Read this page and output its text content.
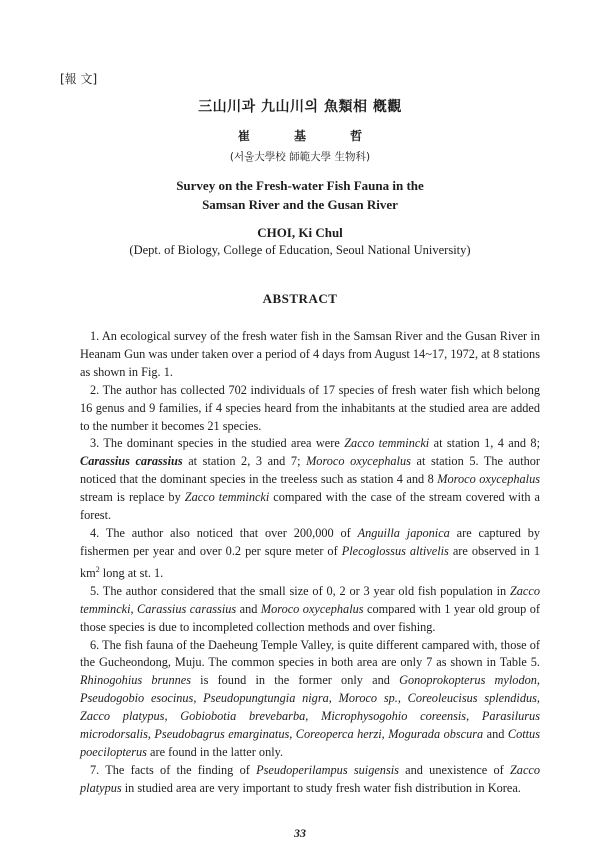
[報 文]
三山川과 九山川의 魚類相 槪觀
崔 基 哲
(서울大學校 師範大學 生物科)
Survey on the Fresh-water Fish Fauna in the
Samsan River and the Gusan River
CHOI, Ki Chul
(Dept. of Biology, College of Education, Seoul National University)
ABSTRACT

1. An ecological survey of the fresh water fish in the Samsan River and the Gusan River in Heanam Gun was under taken over a period of 4 days from August 14~17, 1972, at 8 stations as shown in Fig. 1.

2. The author has collected 702 individuals of 17 species of fresh water fish which belong 16 genus and 9 families, if 4 species heard from the inhabitants at the studied area are added to the number it becomes 21 species.

3. The dominant species in the studied area were Zacco temmincki at station 1, 4 and 8; Carassius carassius at station 2, 3 and 7; Moroco oxycephalus at station 5. The author noticed that the dominant species in the treeless such as station 4 and 8 Moroco oxycephalus stream is replace by Zacco temmincki compared with the case of the stream covered with a forest.

4. The author also noticed that over 200,000 of Anguilla japonica are captured by fishermen per year and over 0.2 per squre meter of Plecoglossus altivelis are observed in 1 $km^2$ long at st. 1.

5. The author considered that the small size of 0, 2 or 3 year old fish population in Zacco temmincki, Carassius carassius and Moroco oxycephalus compared with 1 year old group of those species is due to incompleted collection methods and over fishing.

6. The fish fauna of the Daeheung Temple Valley, is quite different campared with, those of the Gucheondong, Muju. The common species in both area are only 7 as shown in Table 5. Rhinogohius brunnes is found in the former only and Gonoprokopterus mylodon, Pseudogobio esocinus, Pseudopungtungia nigra, Moroco sp., Coreoleucisus splendidus, Zacco platypus, Gobiobotia brevebarba, Microphysogohio coreensis, Parasilurus microdorsalis, Pseudobagrus emarginatus, Coreoperca herzi, Mogurada obscura and Cottus poecilopterus are found in the latter only.

7. The facts of the finding of Pseudoperilampus suigensis and unexistence of Zacco platypus in studied area are very important to study fresh water fish distribution in Korea.

33
